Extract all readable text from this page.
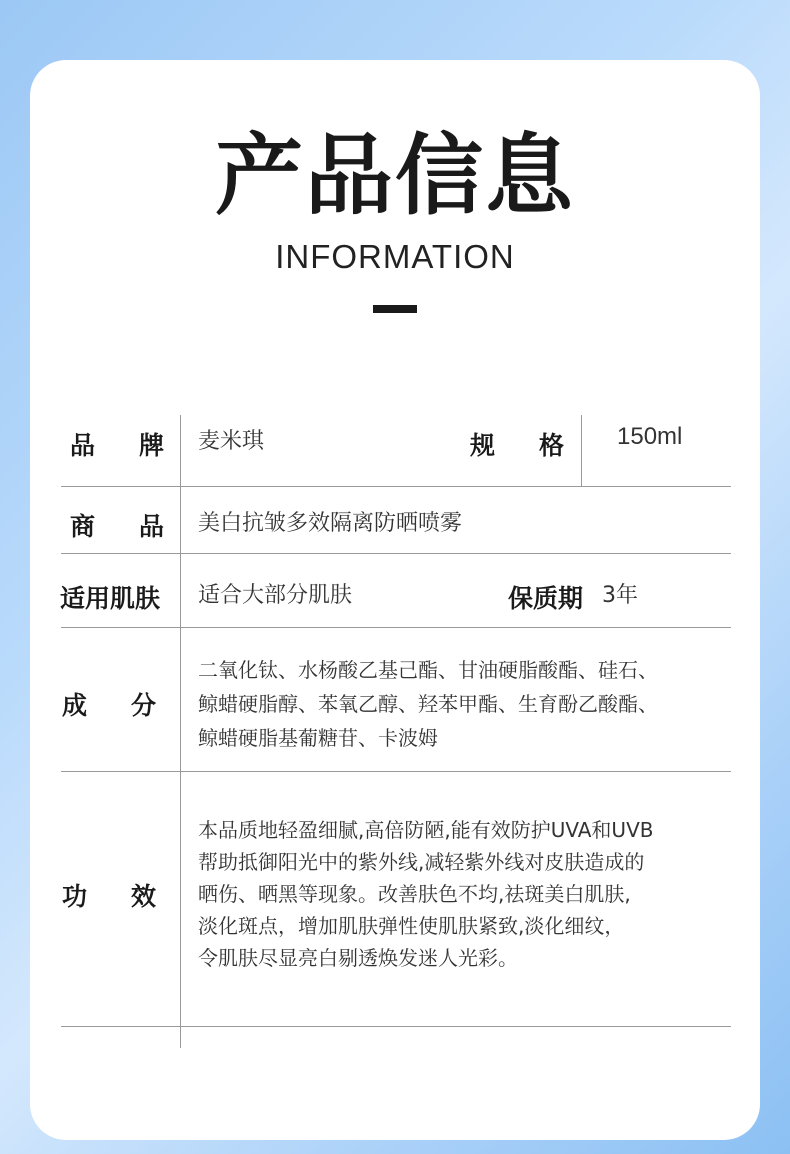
产品信息
INFORMATION
品 牌 麦米琪	规 格 150ml
商 品 美白抗皱多效隔离防晒喷雾
适用肌肤	适合大部分肌肤	保质期 3年
成 分
二氧化钛、水杨酸乙基己酯、甘油硬脂酸酯、硅石、
鲸蜡硬脂醇、苯氧乙醇、羟苯甲酯、生育酚乙酸酯、
鲸蜡硬脂基葡糖苷、卡波姆
功 效
本品质地轻盈细腻,高倍防陋,能有效防护UVA和UVB
帮助抵御阳光中的紫外线,减轻紫外线对皮肤造成的
晒伤、晒黑等现象。改善肤色不均,祛斑美白肌肤,
淡化斑点，增加肌肤弹性使肌肤紧致,淡化细纹，
令肌肤尽显亮白剔透焕发迷人光彩。
